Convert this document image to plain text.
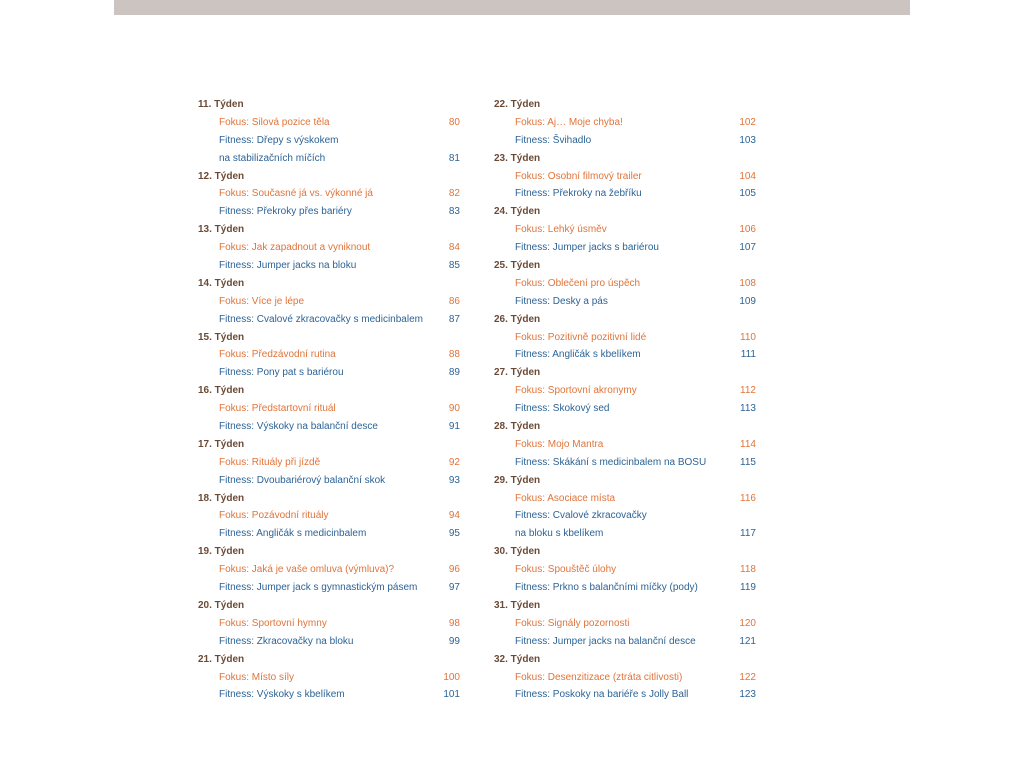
11. Týden
Fokus: Silová pozice těla	80
Fitness: Dřepy s výskokem
na stabilizačních míčích	81
12. Týden
Fokus: Současné já vs. výkonné já	82
Fitness: Překroky přes bariéry	83
13. Týden
Fokus: Jak zapadnout a vyniknout	84
Fitness: Jumper jacks na bloku	85
14. Týden
Fokus: Více je lépe	86
Fitness: Cvalové zkracovačky s medicinbalem	87
15. Týden
Fokus: Předzávodní rutina	88
Fitness: Pony pat s bariérou	89
16. Týden
Fokus: Předstartovní rituál	90
Fitness: Výskoky na balanční desce	91
17. Týden
Fokus: Rituály při jízdě	92
Fitness: Dvoubariérový balanční skok	93
18. Týden
Fokus: Pozávodní rituály	94
Fitness: Angličák s medicinbalem	95
19. Týden
Fokus: Jaká je vaše omluva (výmluva)?	96
Fitness: Jumper jack s gymnastickým pásem	97
20. Týden
Fokus: Sportovní hymny	98
Fitness: Zkracovačky na bloku	99
21. Týden
Fokus: Místo síly	100
Fitness: Výskoky s kbelíkem	101
22. Týden
Fokus: Aj… Moje chyba!	102
Fitness: Švihadlo	103
23. Týden
Fokus: Osobní filmový trailer	104
Fitness: Překroky na žebříku	105
24. Týden
Fokus: Lehký úsměv	106
Fitness: Jumper jacks s bariérou	107
25. Týden
Fokus: Oblečení pro úspěch	108
Fitness: Desky a pás	109
26. Týden
Fokus: Pozitivně pozitivní lidé	110
Fitness: Angličák s kbelíkem	111
27. Týden
Fokus: Sportovní akronymy	112
Fitness: Skokový sed	113
28. Týden
Fokus: Mojo Mantra	114
Fitness: Skákání s medicinbalem na BOSU	115
29. Týden
Fokus: Asociace místa	116
Fitness: Cvalové zkracovačky
na bloku s kbelíkem	117
30. Týden
Fokus: Spouštěč úlohy	118
Fitness: Prkno s balančními míčky (pody)	119
31. Týden
Fokus: Signály pozornosti	120
Fitness: Jumper jacks na balanční desce	121
32. Týden
Fokus: Desenzitizace (ztráta citlivosti)	122
Fitness: Poskoky na bariéře s Jolly Ball	123
